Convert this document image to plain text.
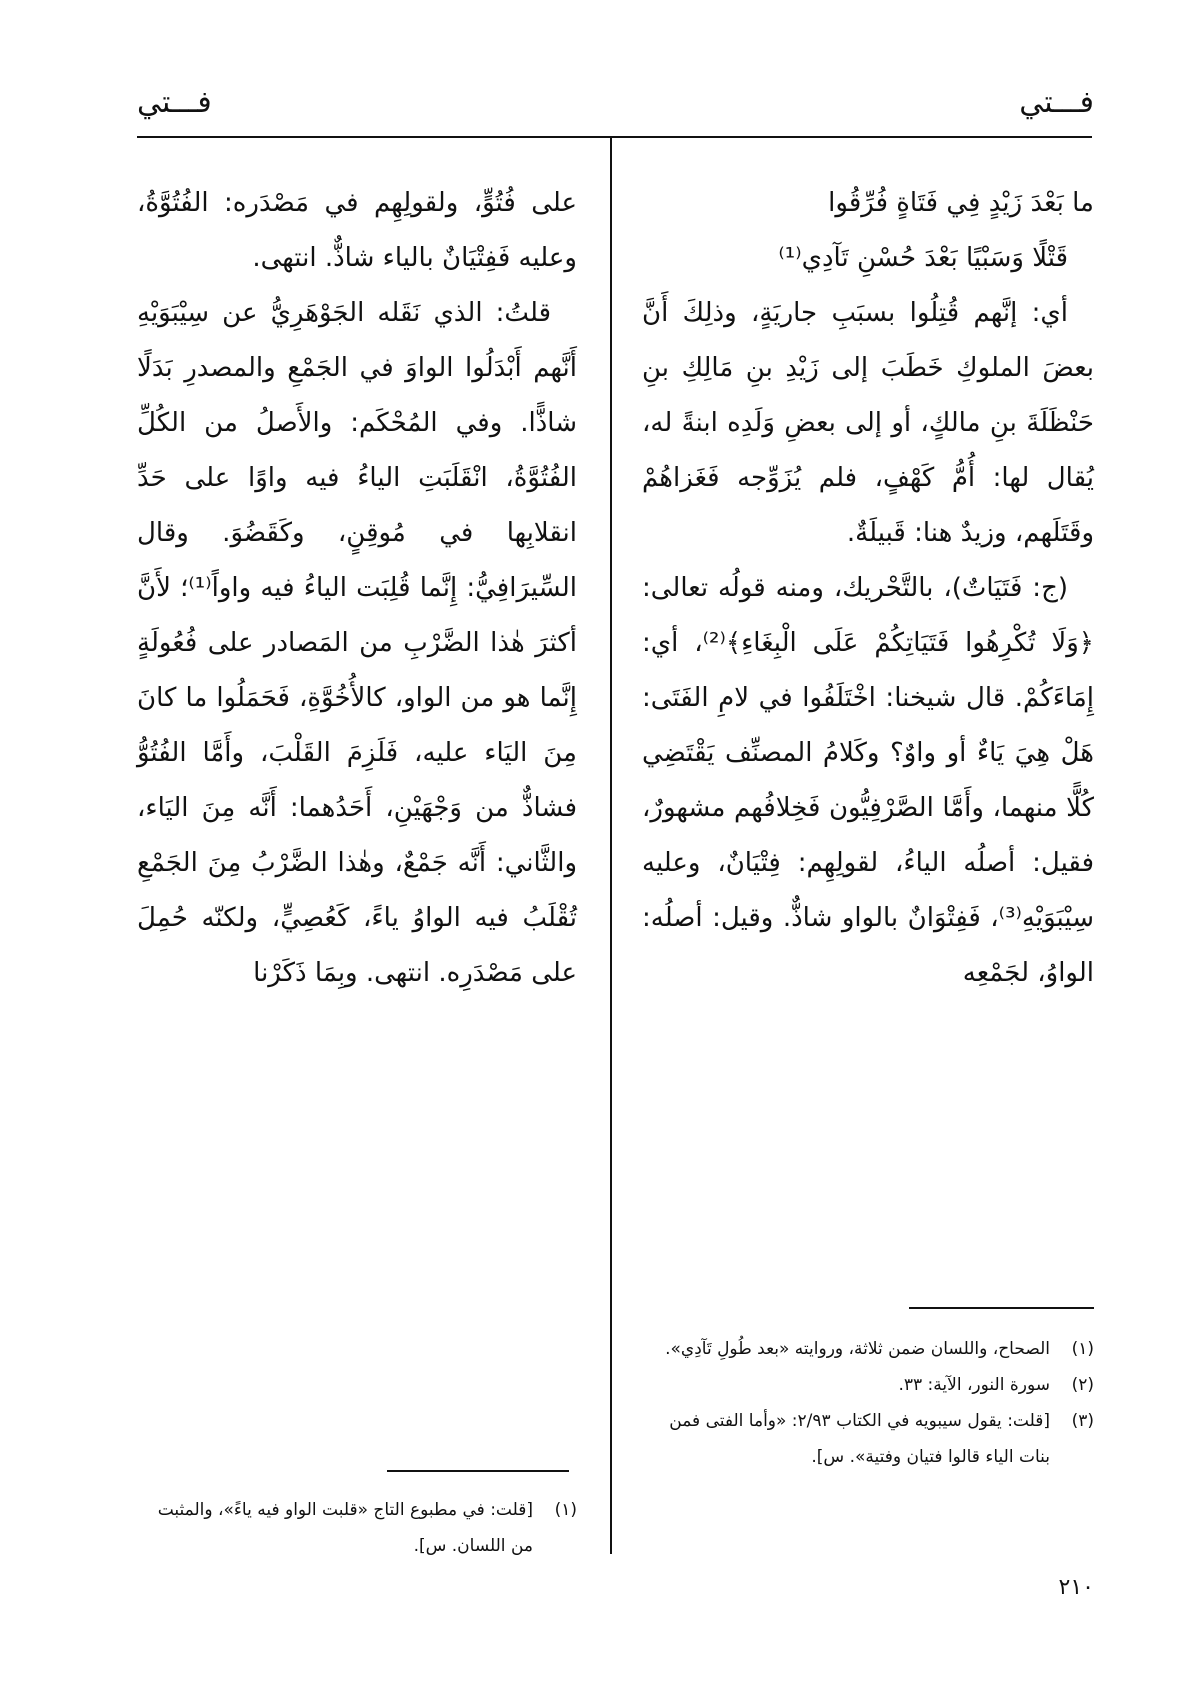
فـــتي
فـــتي

ما بَعْدَ زَيْدٍ فِي فَتَاةٍ فُرِّقُوا

قَتْلًا وَسَبْيًا بَعْدَ حُسْنِ تَآدِي⁽¹⁾

أي: إنَّهم قُتِلُوا بسبَبِ جاريَةٍ، وذلِكَ أَنَّ بعضَ الملوكِ خَطَبَ إلى زَيْدِ بنِ مَالِكِ بنِ حَنْظَلَةَ بنِ مالكٍ، أو إلى بعضِ وَلَدِه ابنةً له، يُقال لها: أُمُّ كَهْفٍ، فلم يُزَوِّجه فَغَزاهُمْ وقَتَلَهم، وزيدٌ هنا: قَبيلَةٌ.

(ج: فَتَيَاتٌ)، بالتَّحْريك، ومنه قولُه تعالى: ﴿وَلَا تُكْرِهُوا فَتَيَاتِكُمْ عَلَى الْبِغَاءِ﴾⁽²⁾، أي: إِمَاءَكُمْ. قال شيخنا: اخْتَلَفُوا في لامِ الفَتَى: هَلْ هِيَ يَاءٌ أو واوٌ؟ وكَلامُ المصنِّف يَقْتَضِي كُلًّا منهما، وأَمَّا الصَّرْفِيُّون فَخِلافُهم مشهورٌ، فقيل: أصلُه الياءُ، لقولِهِم: فِتْيَانٌ، وعليه سِيْبَوَيْهِ⁽³⁾، فَفِتْوَانٌ بالواو شاذٌّ. وقيل: أصلُه: الواوُ، لجَمْعِه

على فُتُوٍّ، ولقولِهِم في مَصْدَره: الفُتُوَّةُ، وعليه فَفِتْيَانٌ بالياء شاذٌّ. انتهى.

قلتُ: الذي نَقَله الجَوْهَرِيُّ عن سِيْبَوَيْهِ أَنَّهم أَبْدَلُوا الواوَ في الجَمْعِ والمصدرِ بَدَلًا شاذًّا. وفي المُحْكَم: والأَصلُ من الكُلِّ الفُتُوَّةُ، انْقَلَبَتِ الياءُ فيه واوًا على حَدِّ انقلابِها في مُوقِنٍ، وكَقَضُوَ. وقال السِّيرَافِيُّ: إِنَّما قُلِبَت الياءُ فيه واواً⁽¹⁾؛ لأَنَّ أكثرَ هٰذا الضَّرْبِ من المَصادر على فُعُولَةٍ إِنَّما هو من الواو، كالأُخُوَّةِ، فَحَمَلُوا ما كانَ مِنَ اليَاء عليه، فَلَزِمَ القَلْبَ، وأَمَّا الفُتُوُّ فشاذٌّ من وَجْهَيْنِ، أَحَدُهما: أَنَّه مِنَ اليَاء، والثَّاني: أَنَّه جَمْعٌ، وهٰذا الضَّرْبُ مِنَ الجَمْعِ تُقْلَبُ فيه الواوُ ياءً، كَعُصِيٍّ، ولكنّه حُمِلَ على مَصْدَرِه. انتهى. وبِمَا ذَكَرْنا

(١)
الصحاح، واللسان ضمن ثلاثة، وروايته «بعد طُولِ تَآدِي».

(٢)
سورة النور، الآية: ٣٣.

(٣)
[قلت: يقول سيبويه في الكتاب ٢/٩٣: «وأما الفتى فمن بنات الياء قالوا فتيان وفتية». س].

(١)
[قلت: في مطبوع التاج «قلبت الواو فيه ياءً»، والمثبت من اللسان. س].

٢١٠
